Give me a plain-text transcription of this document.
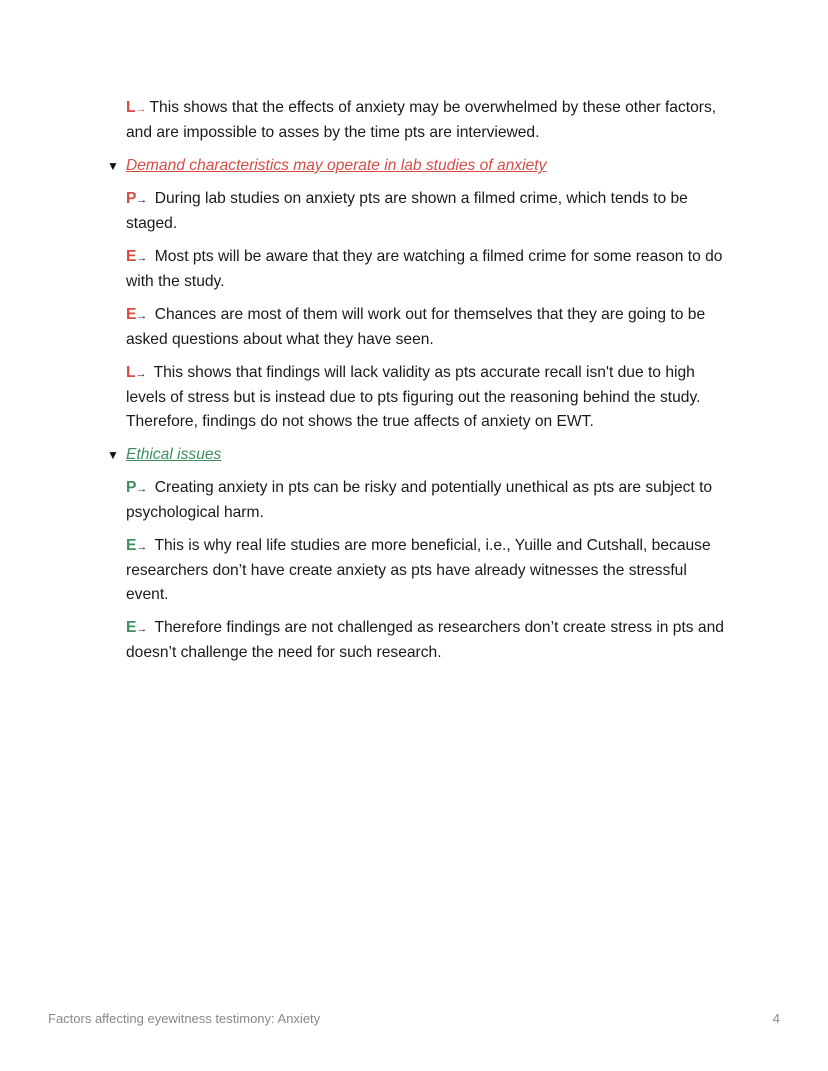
L→ This shows that the effects of anxiety may be overwhelmed by these other factors, and are impossible to asses by the time pts are interviewed.

▼ Demand characteristics may operate in lab studies of anxiety

P→ During lab studies on anxiety pts are shown a filmed crime, which tends to be staged.

E→ Most pts will be aware that they are watching a filmed crime for some reason to do with the study.

E→ Chances are most of them will work out for themselves that they are going to be asked questions about what they have seen.

L→ This shows that findings will lack validity as pts accurate recall isn't due to high levels of stress but is instead due to pts figuring out the reasoning behind the study. Therefore, findings do not shows the true affects of anxiety on EWT.

▼ Ethical issues

P→ Creating anxiety in pts can be risky and potentially unethical as pts are subject to psychological harm.

E→ This is why real life studies are more beneficial, i.e., Yuille and Cutshall, because researchers don’t have create anxiety as pts have already witnesses the stressful event.

E→ Therefore findings are not challenged as researchers don’t create stress in pts and doesn’t challenge the need for such research.

Factors affecting eyewitness testimony: Anxiety	4
